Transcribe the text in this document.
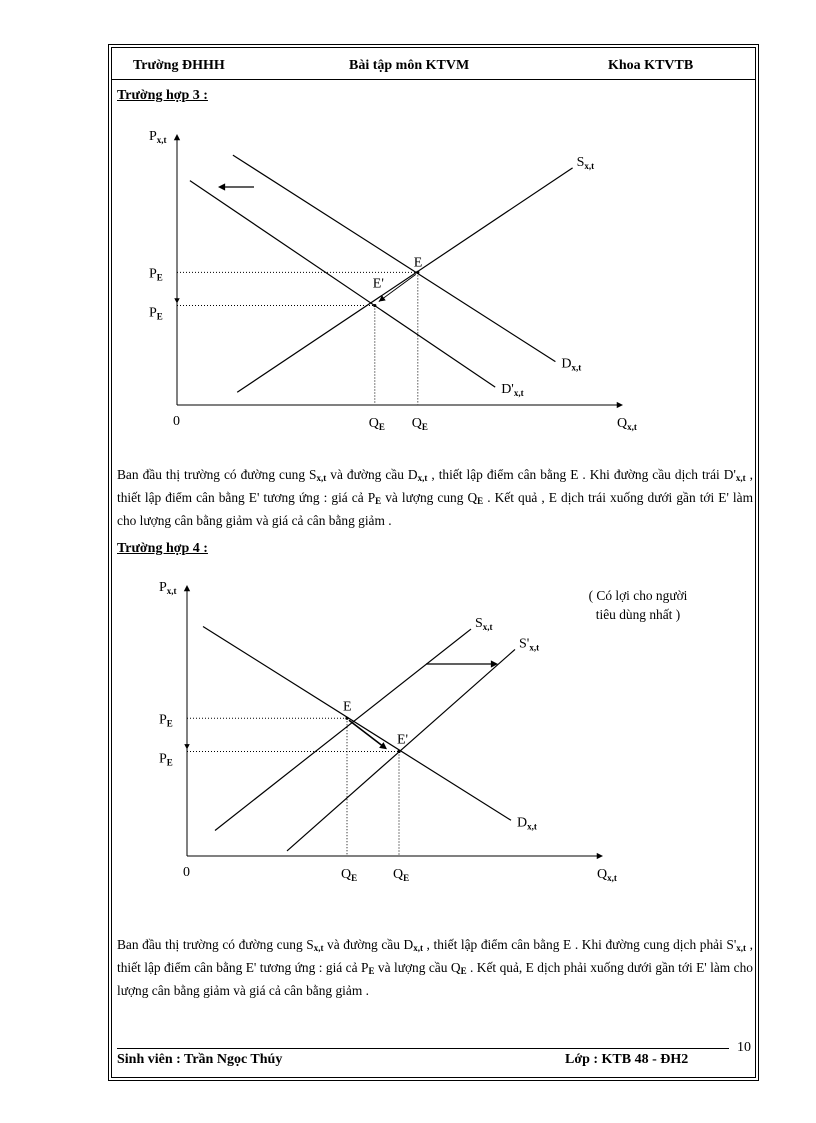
Trường ĐHHH	Bài tập môn KTVM	Khoa KTVTB
Trường hợp 3 :
$P_{x,t}$
$Q_{x,t}$
0
$P_E$
$P_E$
$Q_E$ $Q_E$
$S_{x,t}$
$D_{x,t}$
$D'_{x,t}$
E
E'

Ban đầu thị trường có đường cung $S_{x,t}$ và đường cầu $D_{x,t}$ , thiết lập điểm cân bằng E . Khi đường cầu dịch trái $D'_{x,t}$ , thiết lập điểm cân bằng E' tương ứng : giá cả $P_E$ và lượng cung $Q_E$ . Kết quả , E dịch trái xuống dưới gần tới E' làm cho lượng cân bằng giảm và giá cả cân bằng giảm .

Trường hợp 4 :
( Có lợi cho người
tiêu dùng nhất )
$P_{x,t}$
$Q_{x,t}$
0
$P_E$
$P_E$
$Q_E$	$Q_E$
$S_{x,t}$
$S'_{x,t}$
$D_{x,t}$
E
E'

Ban đầu thị trường có đường cung $S_{x,t}$ và đường cầu $D_{x,t}$ , thiết lập điểm cân bằng E . Khi đường cung dịch phải $S'_{x,t}$ , thiết lập điểm cân bằng E' tương ứng : giá cả $P_E$ và lượng cầu $Q_E$ . Kết quả, E dịch phải xuống dưới gần tới E' làm cho lượng cân bằng giảm và giá cả cân bằng giảm .

10
Sinh viên : Trần Ngọc Thúy	Lớp : KTB 48 - ĐH2
